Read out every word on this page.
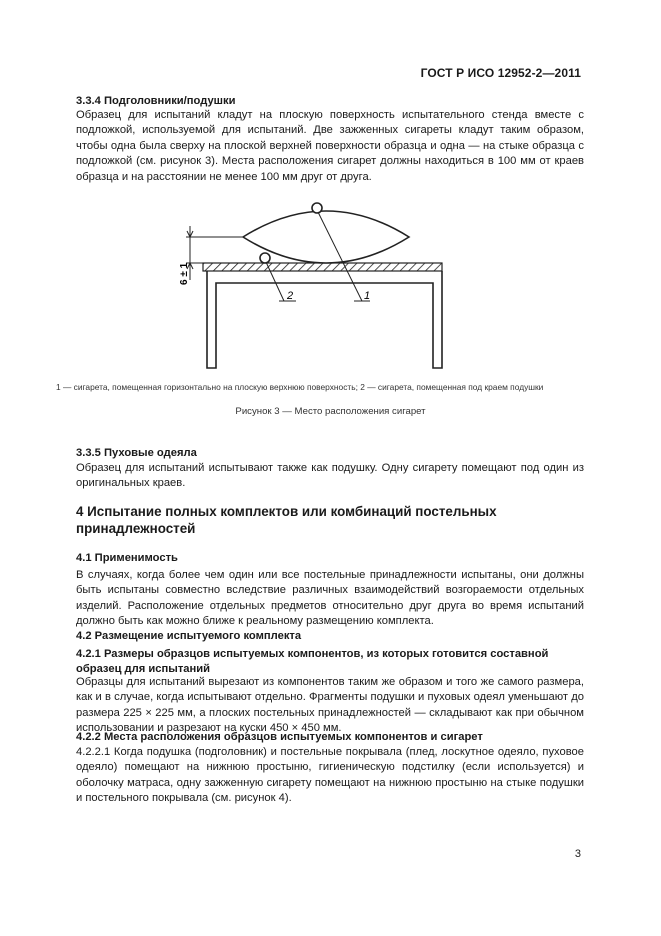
ГОСТ Р ИСО 12952-2—2011
3.3.4 Подголовники/подушки

Образец для испытаний кладут на плоскую поверхность испытательного стенда вместе с подложкой, используемой для испытаний. Две зажженных сигареты кладут таким образом, чтобы одна была сверху на плоской верхней поверхности образца и одна — на стыке образца с подложкой (см. рисунок 3). Места расположения сигарет должны находиться в 100 мм от краев образца и на расстоянии не менее 100 мм друг от друга.

1
2
6 ± 1
1 — сигарета, помещенная горизонтально на плоскую верхнюю поверхность; 2 — сигарета, помещенная под краем подушки
Рисунок 3 — Место расположения сигарет
3.3.5 Пуховые одеяла

Образец для испытаний испытывают также как подушку. Одну сигарету помещают под один из оригинальных краев.

4 Испытание полных комплектов или комбинаций постельных принадлежностей
4.1 Применимость

В случаях, когда более чем один или все постельные принадлежности испытаны, они должны быть испытаны совместно вследствие различных взаимодействий возгораемости отдельных изделий. Расположение отдельных предметов относительно друг друга во время испытаний должно быть как можно ближе к реальному размещению комплекта.

4.2 Размещение испытуемого комплекта
4.2.1 Размеры образцов испытуемых компонентов, из которых готовится составной образец для испытаний

Образцы для испытаний вырезают из компонентов таким же образом и того же самого размера, как и в случае, когда испытывают отдельно. Фрагменты подушки и пуховых одеял уменьшают до размера 225 × 225 мм, а плоских постельных принадлежностей — складывают как при обычном использовании и разрезают на куски 450 × 450 мм.

4.2.2 Места расположения образцов испытуемых компонентов и сигарет

4.2.2.1 Когда подушка (подголовник) и постельные покрывала (плед, лоскутное одеяло, пуховое одеяло) помещают на нижнюю простыню, гигиеническую подстилку (если используется) и оболочку матраса, одну зажженную сигарету помещают на нижнюю простыню на стыке подушки и постельного покрывала (см. рисунок 4).

3
